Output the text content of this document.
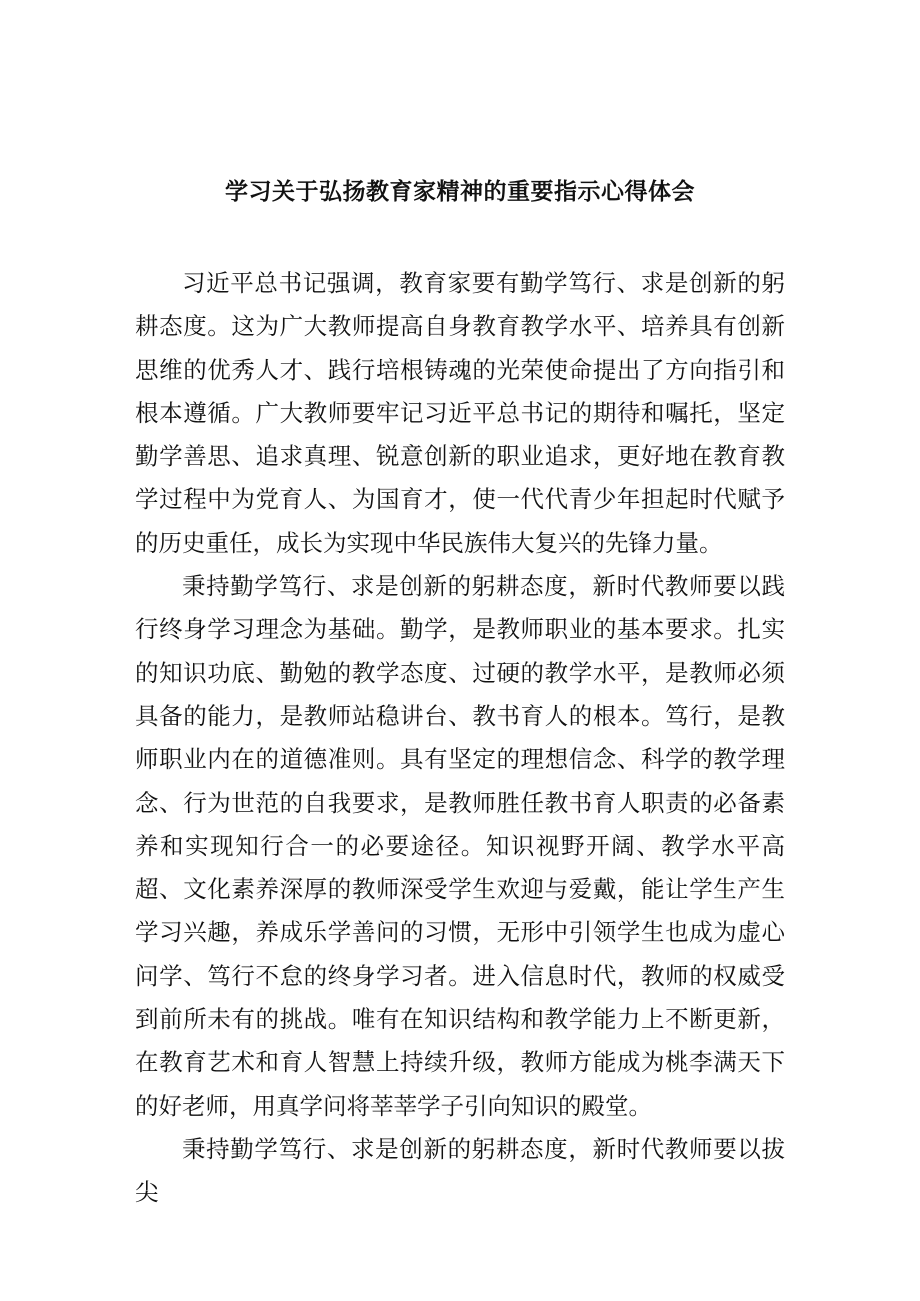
学习关于弘扬教育家精神的重要指示心得体会

习近平总书记强调，教育家要有勤学笃行、求是创新的躬耕态度。这为广大教师提高自身教育教学水平、培养具有创新思维的优秀人才、践行培根铸魂的光荣使命提出了方向指引和根本遵循。广大教师要牢记习近平总书记的期待和嘱托，坚定勤学善思、追求真理、锐意创新的职业追求，更好地在教育教学过程中为党育人、为国育才，使一代代青少年担起时代赋予的历史重任，成长为实现中华民族伟大复兴的先锋力量。

秉持勤学笃行、求是创新的躬耕态度，新时代教师要以践行终身学习理念为基础。勤学，是教师职业的基本要求。扎实的知识功底、勤勉的教学态度、过硬的教学水平，是教师必须具备的能力，是教师站稳讲台、教书育人的根本。笃行，是教师职业内在的道德准则。具有坚定的理想信念、科学的教学理念、行为世范的自我要求，是教师胜任教书育人职责的必备素养和实现知行合一的必要途径。知识视野开阔、教学水平高超、文化素养深厚的教师深受学生欢迎与爱戴，能让学生产生学习兴趣，养成乐学善问的习惯，无形中引领学生也成为虚心问学、笃行不怠的终身学习者。进入信息时代，教师的权威受到前所未有的挑战。唯有在知识结构和教学能力上不断更新，在教育艺术和育人智慧上持续升级，教师方能成为桃李满天下的好老师，用真学问将莘莘学子引向知识的殿堂。

秉持勤学笃行、求是创新的躬耕态度，新时代教师要以拔尖
